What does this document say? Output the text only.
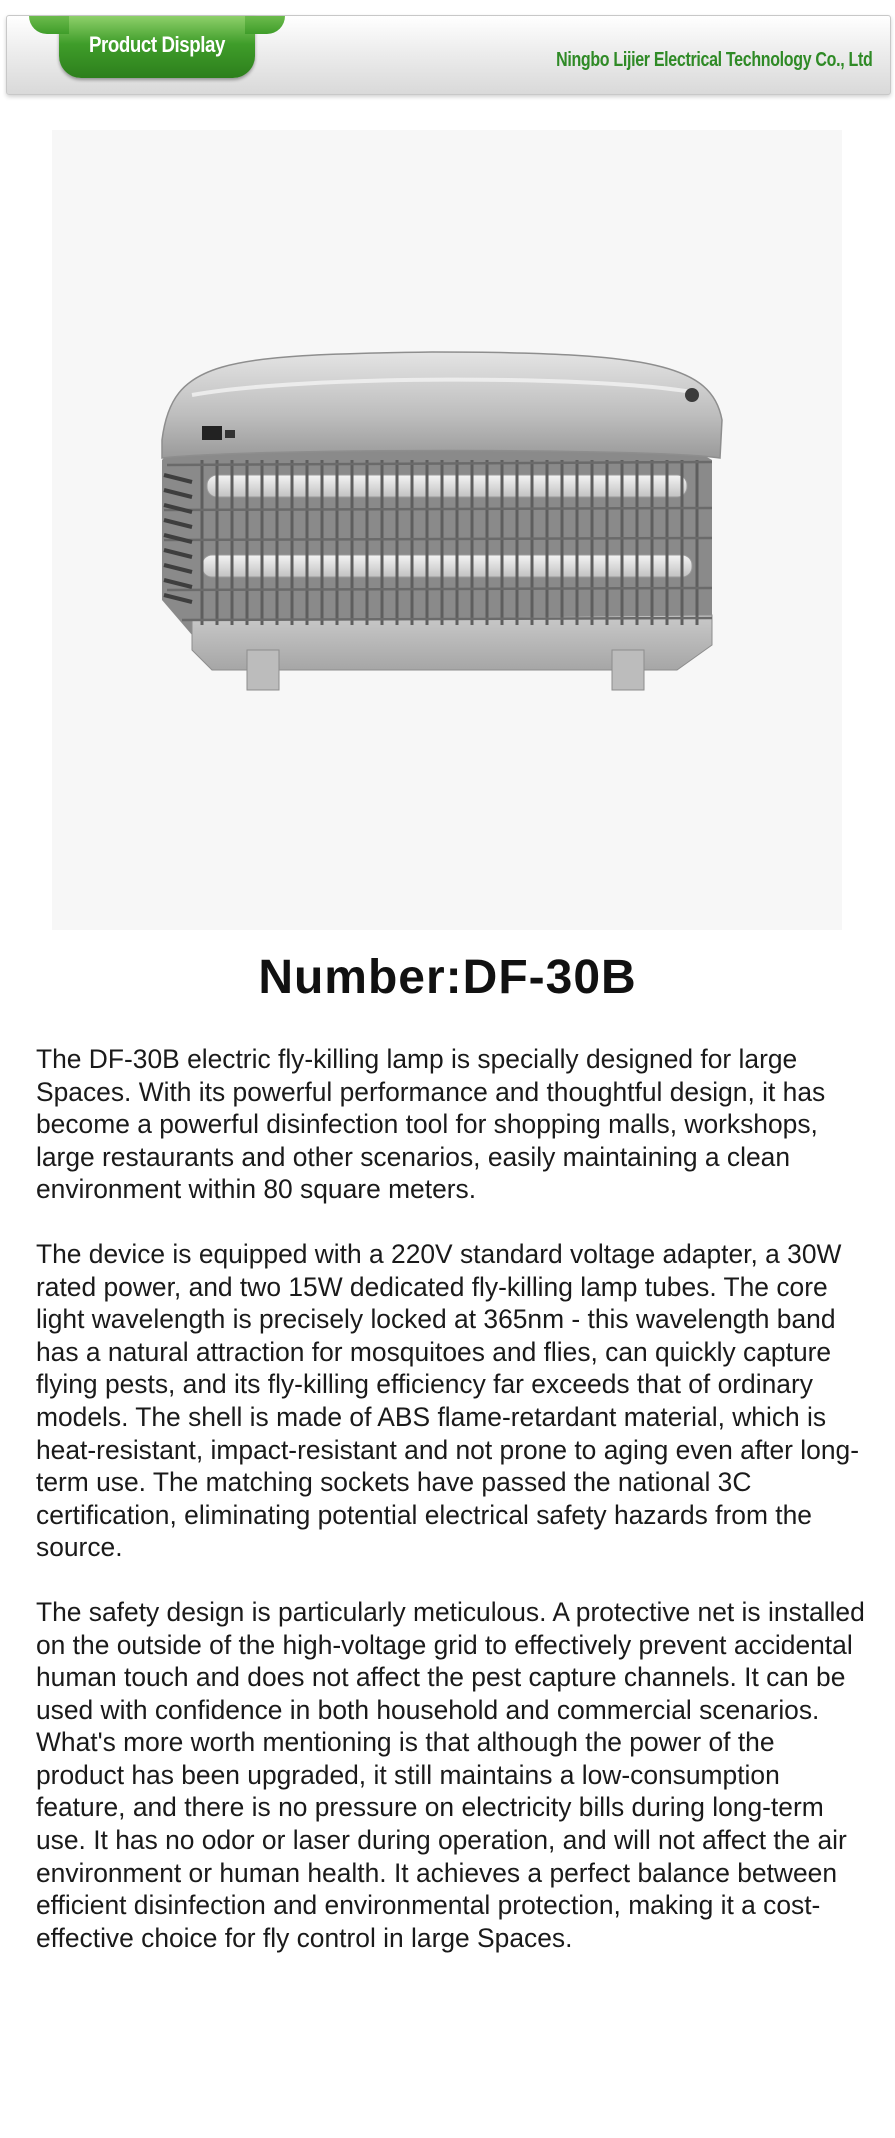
Product Display
Ningbo Lijier Electrical Technology Co., Ltd
Number:DF-30B

The DF-30B electric fly-killing lamp is specially designed for large Spaces. With its powerful performance and thoughtful design, it has become a powerful disinfection tool for shopping malls, workshops, large restaurants and other scenarios, easily maintaining a clean environment within 80 square meters.

The device is equipped with a 220V standard voltage adapter, a 30W rated power, and two 15W dedicated fly-killing lamp tubes. The core light wavelength is precisely locked at 365nm - this wavelength band has a natural attraction for mosquitoes and flies, can quickly capture flying pests, and its fly-killing efficiency far exceeds that of ordinary models. The shell is made of ABS flame-retardant material, which is heat-resistant, impact-resistant and not prone to aging even after long-term use. The matching sockets have passed the national 3C certification, eliminating potential electrical safety hazards from the source.

The safety design is particularly meticulous. A protective net is installed on the outside of the high-voltage grid to effectively prevent accidental human touch and does not affect the pest capture channels. It can be used with confidence in both household and commercial scenarios. What's more worth mentioning is that although the power of the product has been upgraded, it still maintains a low-consumption feature, and there is no pressure on electricity bills during long-term use. It has no odor or laser during operation, and will not affect the air environment or human health. It achieves a perfect balance between efficient disinfection and environmental protection, making it a cost-effective choice for fly control in large Spaces.
